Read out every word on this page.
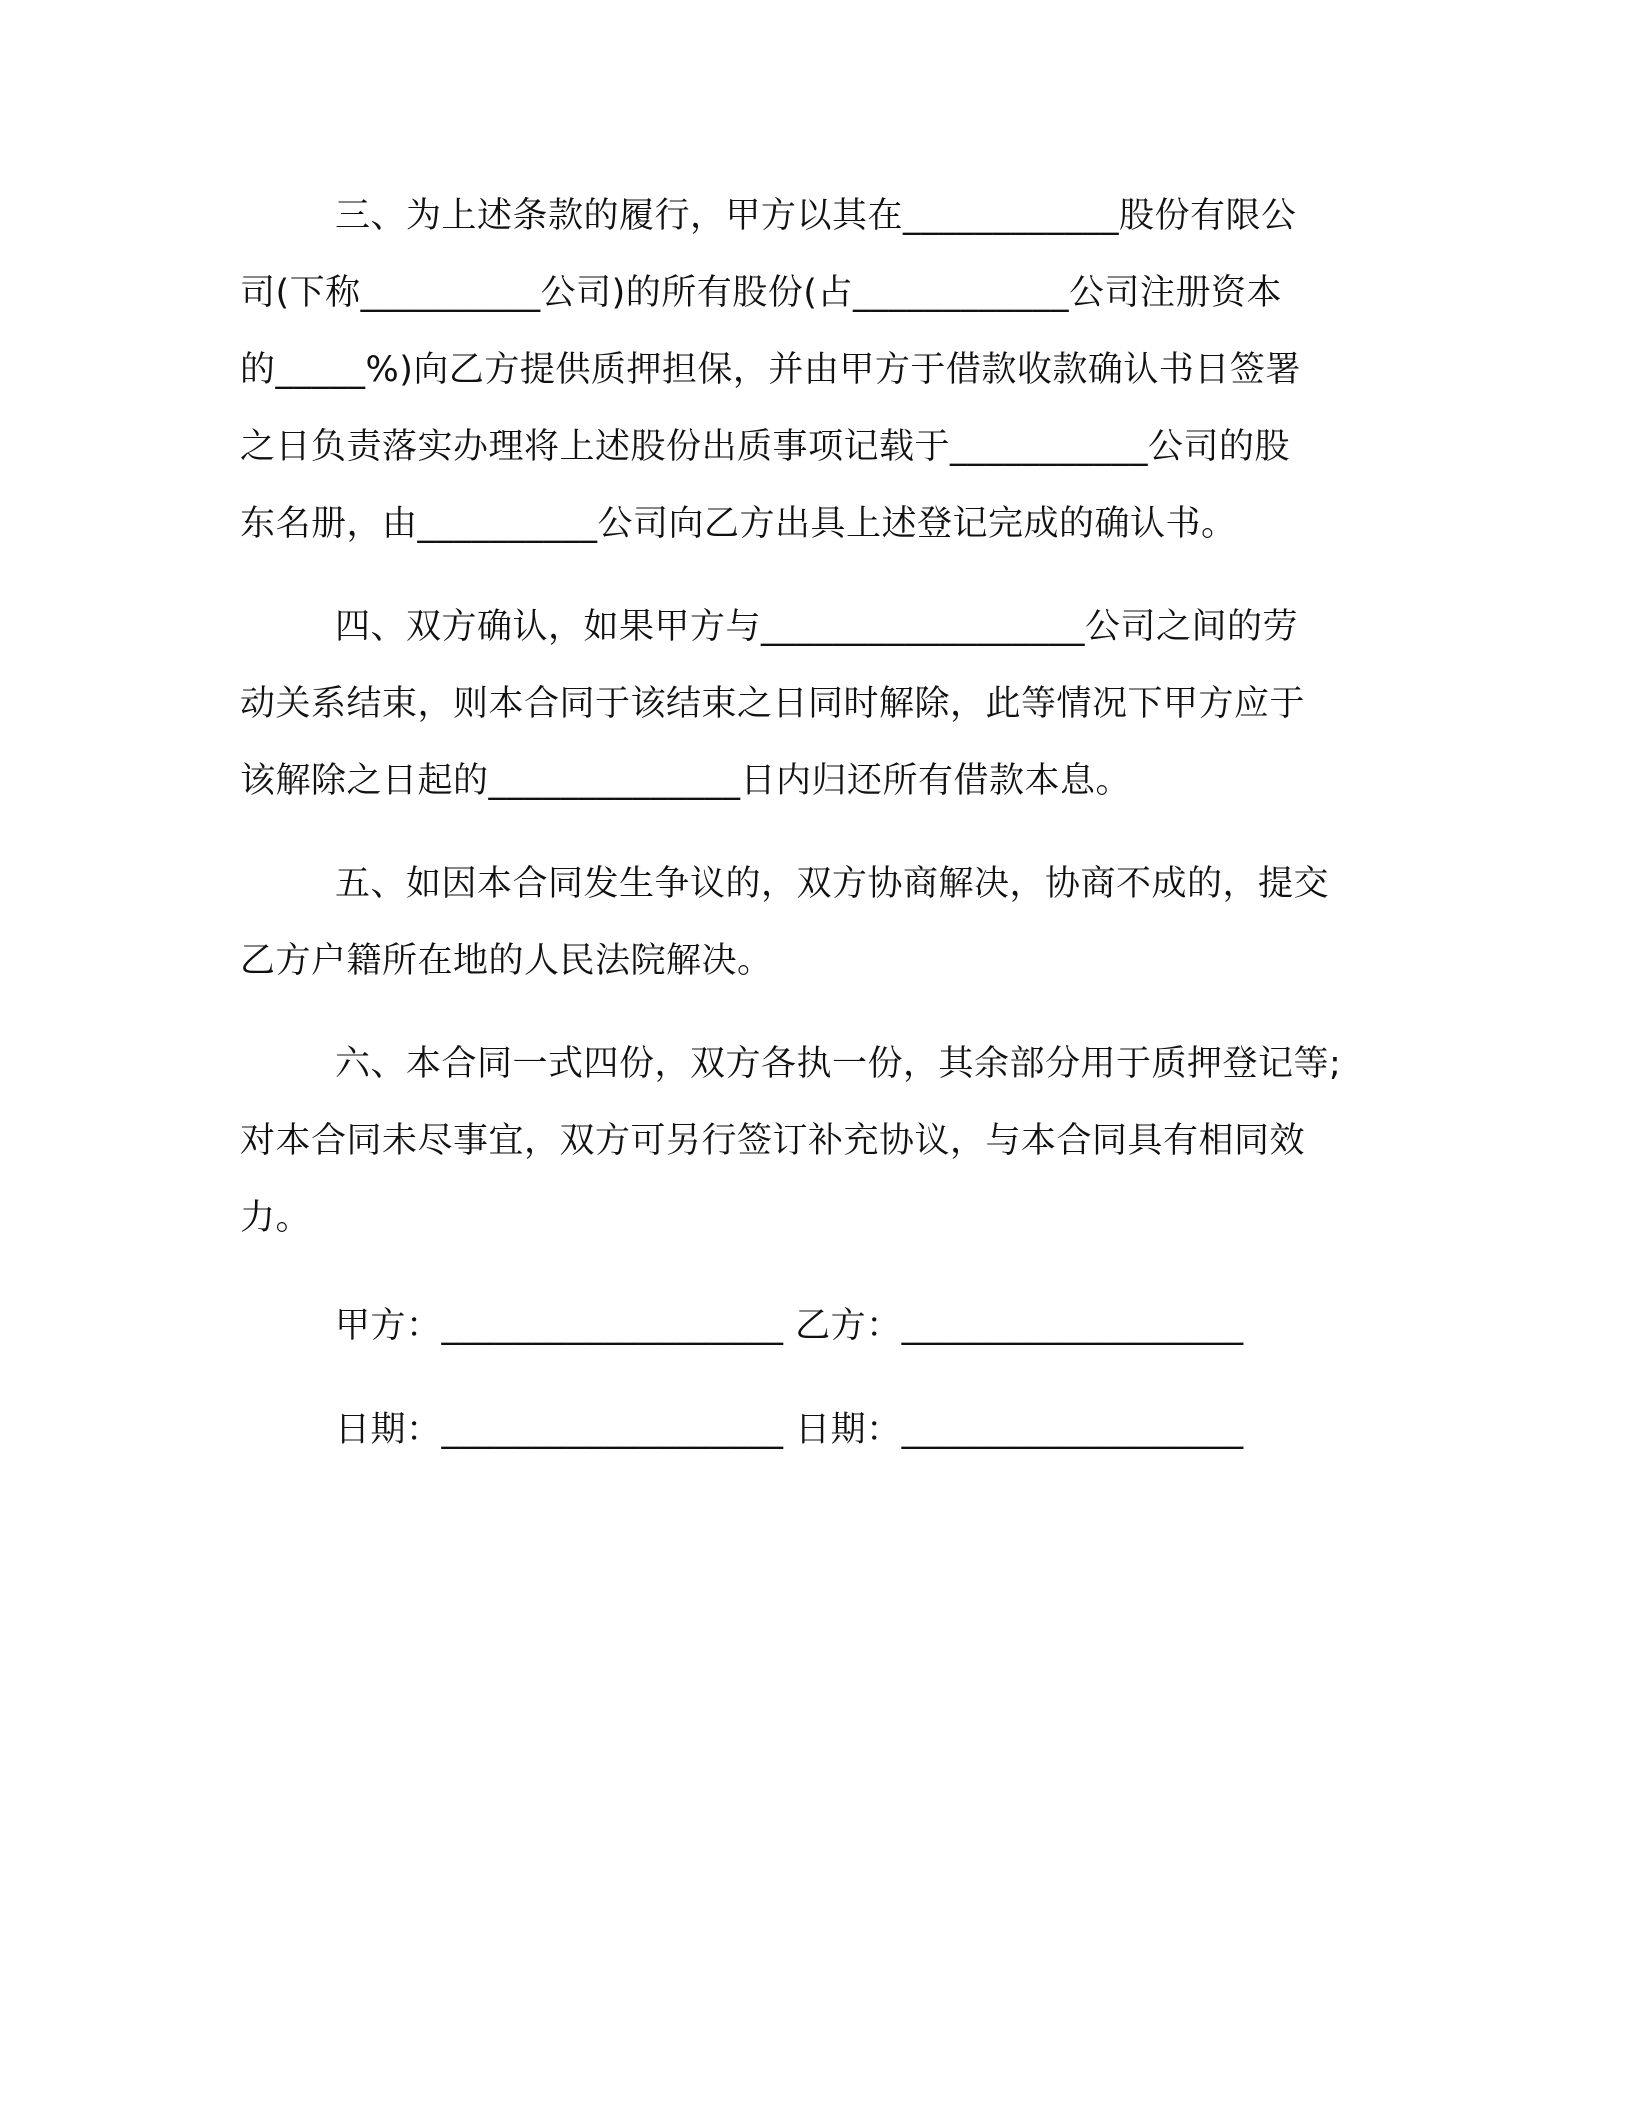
三、为上述条款的履行，甲方以其在____________股份有限公
司(下称__________公司)的所有股份(占____________公司注册资本
的_____%)向乙方提供质押担保，并由甲方于借款收款确认书日签署
之日负责落实办理将上述股份出质事项记载于___________公司的股
东名册，由__________公司向乙方出具上述登记完成的确认书。
四、双方确认，如果甲方与__________________公司之间的劳
动关系结束，则本合同于该结束之日同时解除，此等情况下甲方应于
该解除之日起的______________日内归还所有借款本息。
五、如因本合同发生争议的，双方协商解决，协商不成的，提交
乙方户籍所在地的人民法院解决。
六、本合同一式四份，双方各执一份，其余部分用于质押登记等;
对本合同未尽事宜，双方可另行签订补充协议，与本合同具有相同效
力。
甲方：___________________ 乙方：___________________
日期：___________________ 日期：___________________
